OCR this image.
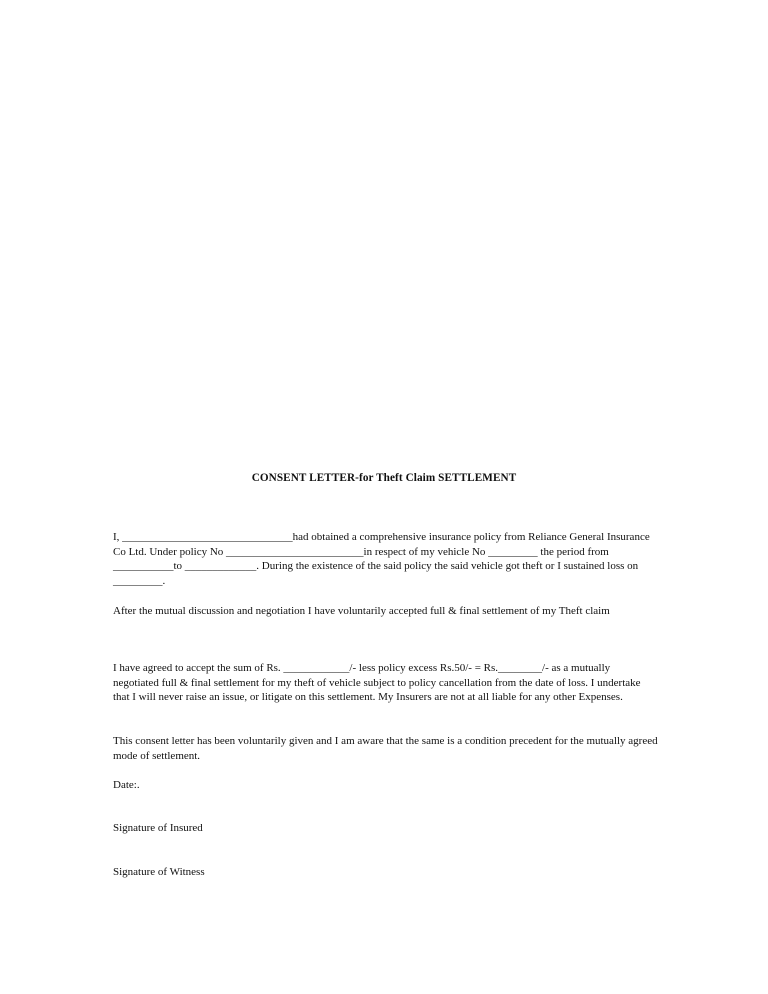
CONSENT LETTER-for Theft Claim SETTLEMENT

I, _______________________________had obtained a comprehensive insurance policy from Reliance General Insurance Co Ltd. Under policy No _________________________in respect of my vehicle No _________ the period from ___________to _____________. During the existence of the said policy the said vehicle got theft or I sustained loss on _________.

After the mutual discussion and negotiation I have voluntarily accepted full & final settlement of my Theft claim

I have agreed to accept the sum of Rs. ____________/- less policy excess Rs.50/- = Rs.________/- as a mutually negotiated full & final settlement for my theft of vehicle subject to policy cancellation from the date of loss. I undertake that I will never raise an issue, or litigate on this settlement. My Insurers are not at all liable for any other Expenses.

This consent letter has been voluntarily given and I am aware that the same is a condition precedent for the mutually agreed mode of settlement.

Date:.

Signature of Insured

Signature of Witness
